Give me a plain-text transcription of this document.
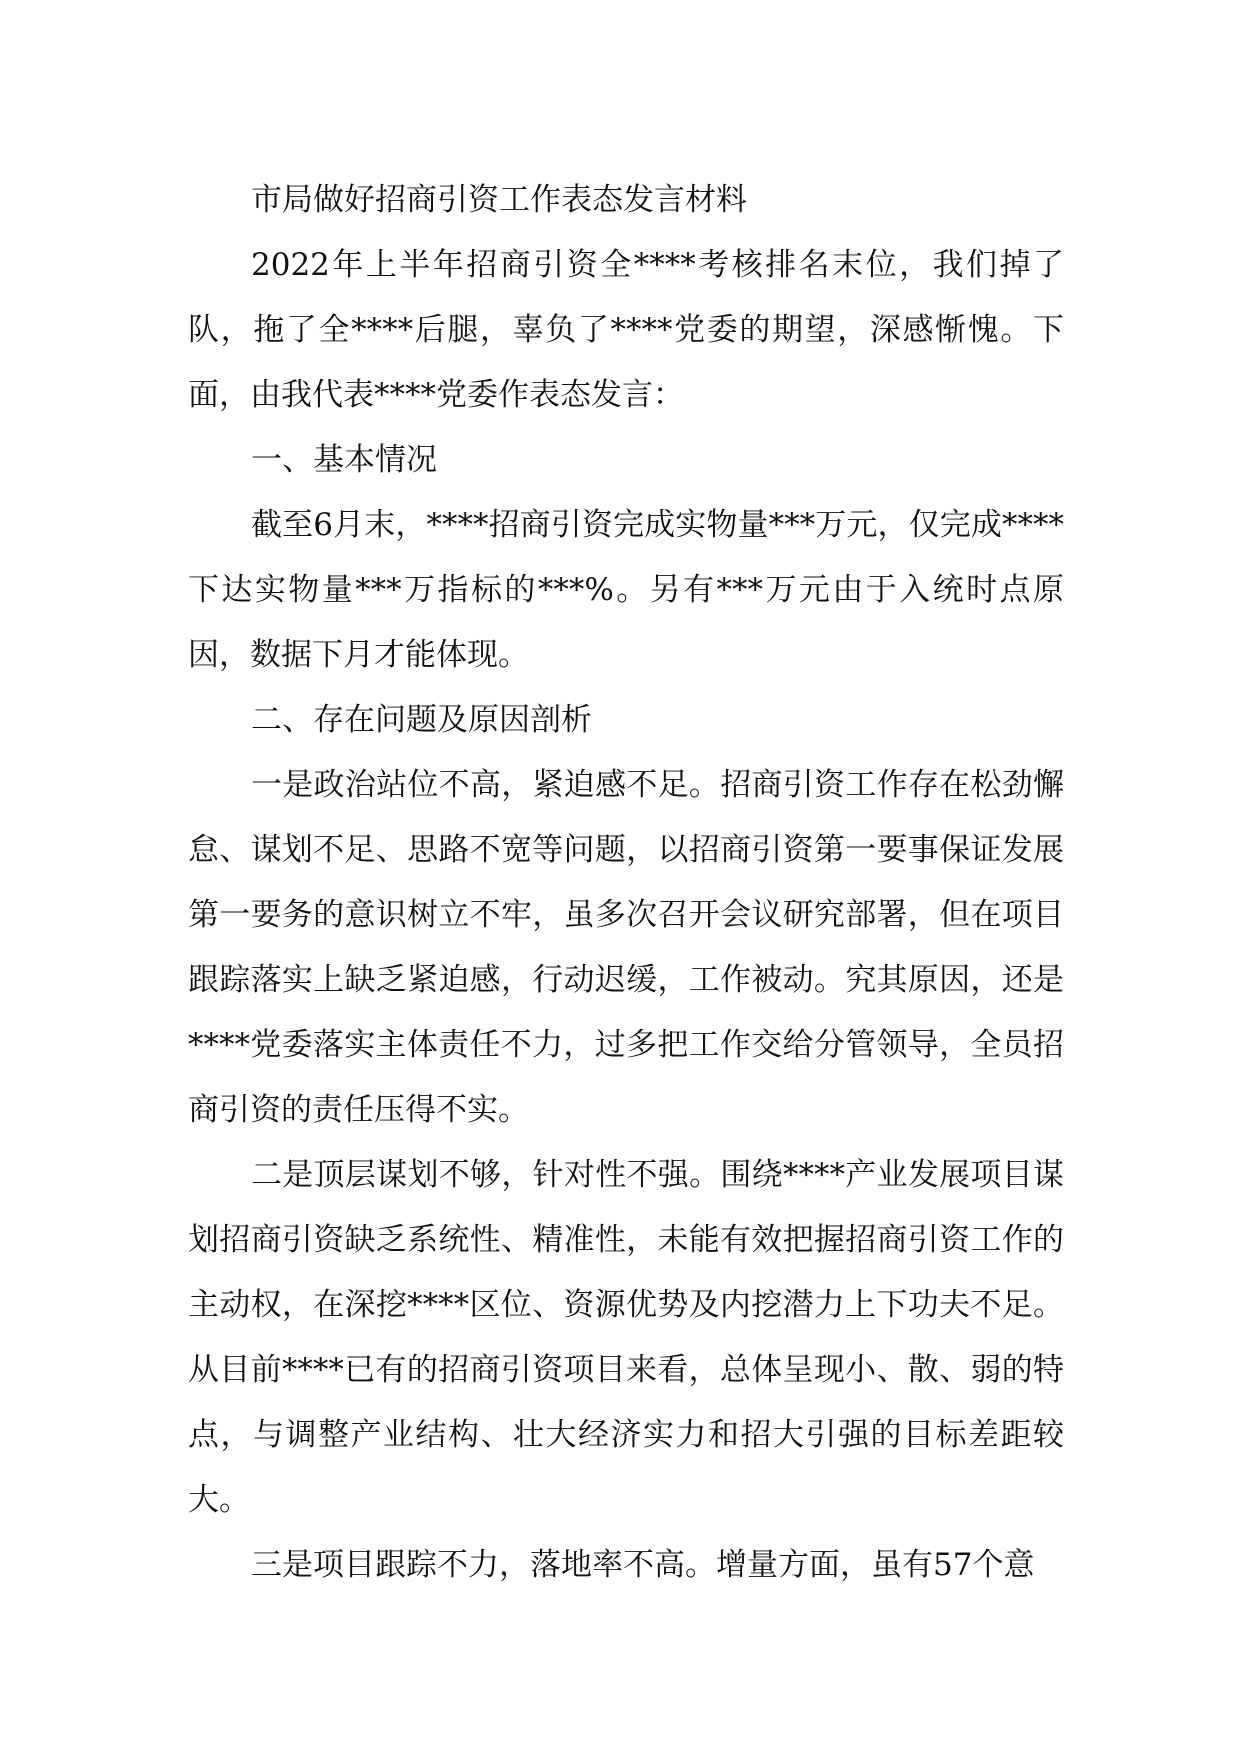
市局做好招商引资工作表态发言材料

2022年上半年招商引资全****考核排名末位，我们掉了队，拖了全****后腿，辜负了****党委的期望，深感惭愧。下面，由我代表****党委作表态发言：

一、基本情况

截至6月末，****招商引资完成实物量***万元，仅完成****下达实物量***万指标的***%。另有***万元由于入统时点原因，数据下月才能体现。

二、存在问题及原因剖析

一是政治站位不高，紧迫感不足。招商引资工作存在松劲懈怠、谋划不足、思路不宽等问题，以招商引资第一要事保证发展第一要务的意识树立不牢，虽多次召开会议研究部署，但在项目跟踪落实上缺乏紧迫感，行动迟缓，工作被动。究其原因，还是****党委落实主体责任不力，过多把工作交给分管领导，全员招商引资的责任压得不实。

二是顶层谋划不够，针对性不强。围绕****产业发展项目谋划招商引资缺乏系统性、精准性，未能有效把握招商引资工作的主动权，在深挖****区位、资源优势及内挖潜力上下功夫不足。从目前****已有的招商引资项目来看，总体呈现小、散、弱的特点，与调整产业结构、壮大经济实力和招大引强的目标差距较大。

三是项目跟踪不力，落地率不高。增量方面，虽有57个意
